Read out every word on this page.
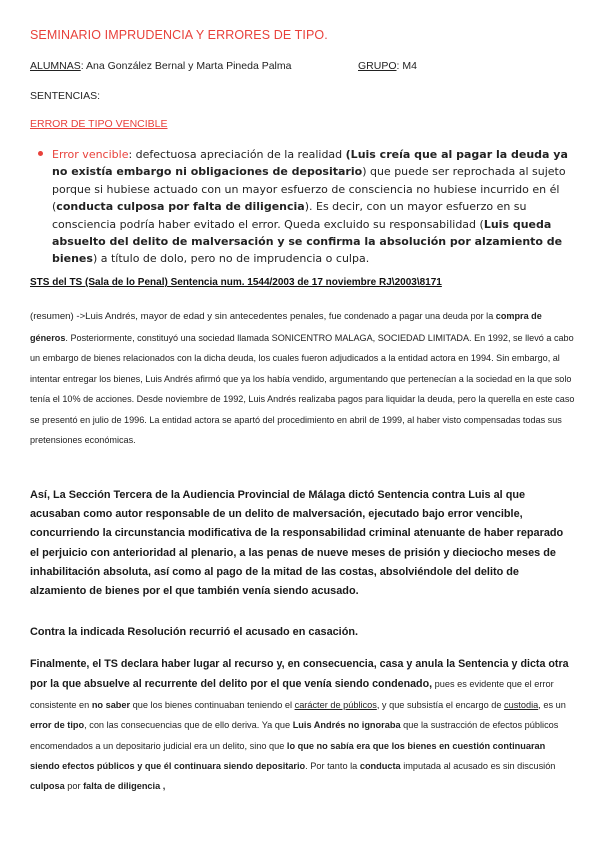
SEMINARIO IMPRUDENCIA Y ERRORES DE TIPO.
ALUMNAS: Ana González Bernal y Marta Pineda Palma	GRUPO: M4
SENTENCIAS:
ERROR DE TIPO VENCIBLE
Error vencible: defectuosa apreciación de la realidad (Luis creía que al pagar la deuda ya no existía embargo ni obligaciones de depositario) que puede ser reprochada al sujeto porque si hubiese actuado con un mayor esfuerzo de consciencia no hubiese incurrido en él (conducta culposa por falta de diligencia). Es decir, con un mayor esfuerzo en su consciencia podría haber evitado el error. Queda excluido su responsabilidad (Luis queda absuelto del delito de malversación y se confirma la absolución por alzamiento de bienes) a título de dolo, pero no de imprudencia o culpa.
STS del TS (Sala de lo Penal) Sentencia num. 1544/2003 de 17 noviembre RJ\2003\8171
(resumen) ->Luis Andrés, mayor de edad y sin antecedentes penales, fue condenado a pagar una deuda por la compra de géneros. Posteriormente, constituyó una sociedad llamada SONICENTRO MALAGA, SOCIEDAD LIMITADA. En 1992, se llevó a cabo un embargo de bienes relacionados con la dicha deuda, los cuales fueron adjudicados a la entidad actora en 1994. Sin embargo, al intentar entregar los bienes, Luis Andrés afirmó que ya los había vendido, argumentando que pertenecían a la sociedad en la que solo tenía el 10% de acciones. Desde noviembre de 1992, Luis Andrés realizaba pagos para liquidar la deuda, pero la querella en este caso se presentó en julio de 1996. La entidad actora se apartó del procedimiento en abril de 1999, al haber visto compensadas todas sus pretensiones económicas.
Así, La Sección Tercera de la Audiencia Provincial de Málaga dictó Sentencia contra Luis al que acusaban como autor responsable de un delito de malversación, ejecutado bajo error vencible, concurriendo la circunstancia modificativa de la responsabilidad criminal atenuante de haber reparado el perjuicio con anterioridad al plenario, a las penas de nueve meses de prisión y dieciocho meses de inhabilitación absoluta, así como al pago de la mitad de las costas, absolviéndole del delito de alzamiento de bienes por el que también venía siendo acusado.
Contra la indicada Resolución recurrió el acusado en casación.
Finalmente, el TS declara haber lugar al recurso y, en consecuencia, casa y anula la Sentencia y dicta otra por la que absuelve al recurrente del delito por el que venía siendo condenado, pues es evidente que el error consistente en no saber que los bienes continuaban teniendo el carácter de públicos, y que subsistía el encargo de custodia, es un error de tipo, con las consecuencias que de ello deriva. Ya que Luis Andrés no ignoraba que la sustracción de efectos públicos encomendados a un depositario judicial era un delito, sino que lo que no sabía era que los bienes en cuestión continuaran siendo efectos públicos y que él continuara siendo depositario. Por tanto la conducta imputada al acusado es sin discusión culposa por falta de diligencia ,
